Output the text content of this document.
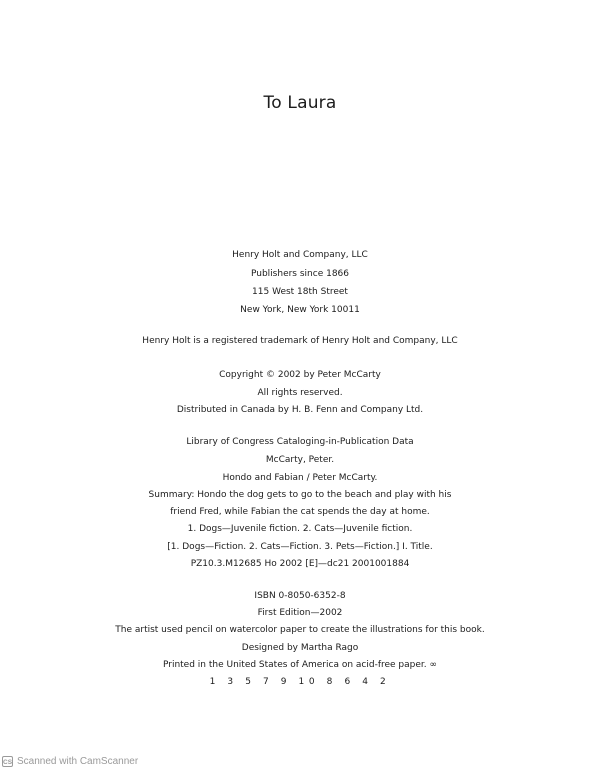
To Laura
Henry Holt and Company, LLC
Publishers since 1866
115 West 18th Street
New York, New York 10011
Henry Holt is a registered trademark of Henry Holt and Company, LLC
Copyright © 2002 by Peter McCarty
All rights reserved.
Distributed in Canada by H. B. Fenn and Company Ltd.
Library of Congress Cataloging-in-Publication Data
McCarty, Peter.
Hondo and Fabian / Peter McCarty.
Summary: Hondo the dog gets to go to the beach and play with his
friend Fred, while Fabian the cat spends the day at home.
1. Dogs—Juvenile fiction. 2. Cats—Juvenile fiction.
[1. Dogs—Fiction. 2. Cats—Fiction. 3. Pets—Fiction.] I. Title.
PZ10.3.M12685 Ho 2002 [E]—dc21 2001001884
ISBN 0-8050-6352-8
First Edition—2002
The artist used pencil on watercolor paper to create the illustrations for this book.
Designed by Martha Rago
Printed in the United States of America on acid-free paper. ∞
1 3 5 7 9 10 8 6 4 2
CS Scanned with CamScanner
